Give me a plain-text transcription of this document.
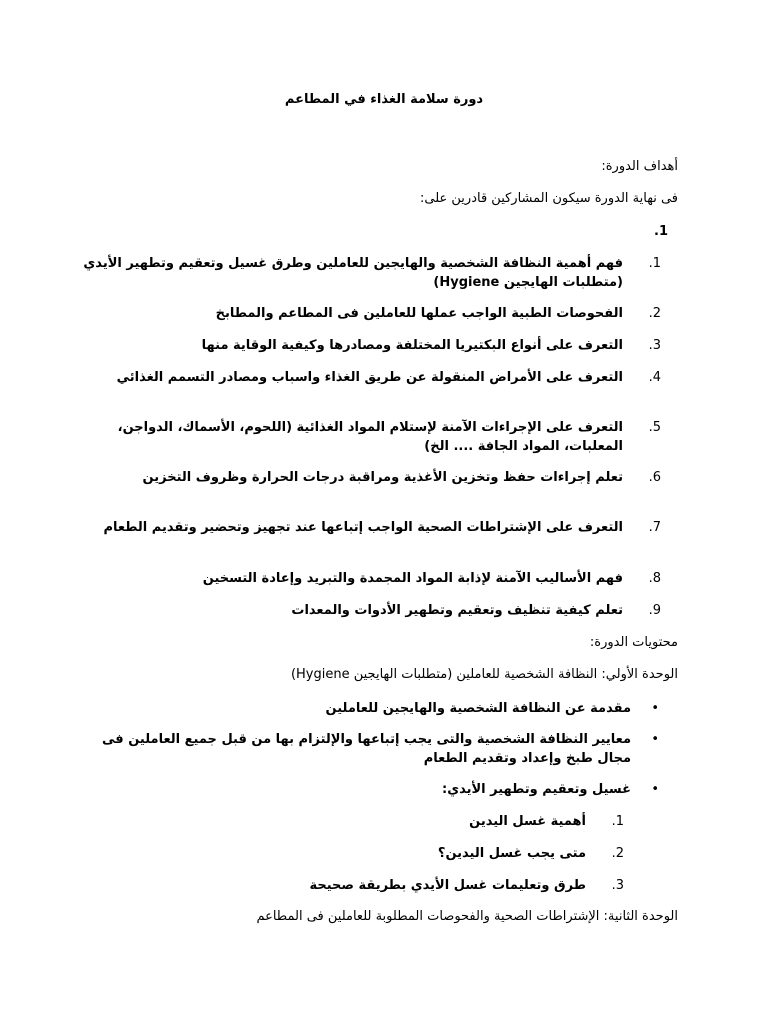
دورة سلامة الغذاء في المطاعم
أهداف الدورة:
فى نهاية الدورة سيكون المشاركين قادرين على:
1.
1.
فهم أهمية النظافة الشخصية والهايجين للعاملين وطرق غسيل وتعقيم وتطهير الأيدي (متطلبات الهايجين Hygiene)
2.
الفحوصات الطبية الواجب عملها للعاملين فى المطاعم والمطابخ
3.
التعرف على أنواع البكتيريا المختلفة ومصادرها وكيفية الوقاية منها
4.
التعرف على الأمراض المنقولة عن طريق الغذاء واسباب ومصادر التسمم الغذائي
5.
التعرف على الإجراءات الآمنة لإستلام المواد الغذائية (اللحوم، الأسماك، الدواجن، المعلبات، المواد الجافة .... الخ)
6.
تعلم إجراءات حفظ وتخزين الأغذية ومراقبة درجات الحرارة وظروف التخزين
7.
التعرف على الإشتراطات الصحية الواجب إتباعها عند تجهيز وتحضير وتقديم الطعام
8.
فهم الأساليب الآمنة لإذابة المواد المجمدة والتبريد وإعادة التسخين
9.
تعلم كيفية تنظيف وتعقيم وتطهير الأدوات والمعدات
محتويات الدورة:
الوحدة الأولي: النظافة الشخصية للعاملين (متطلبات الهايجين Hygiene)
•
مقدمة عن النظافة الشخصية والهايجين للعاملين
•
معايير النظافة الشخصية والتى يجب إتباعها والإلتزام بها من قبل جميع العاملين فى مجال طبخ وإعداد وتقديم الطعام
•
غسيل وتعقيم وتطهير الأيدي:
1.
أهمية غسل اليدين
2.
متى يجب غسل اليدين؟
3.
طرق وتعليمات غسل الأيدي بطريقة صحيحة
الوحدة الثانية: الإشتراطات الصحية والفحوصات المطلوبة للعاملين فى المطاعم
